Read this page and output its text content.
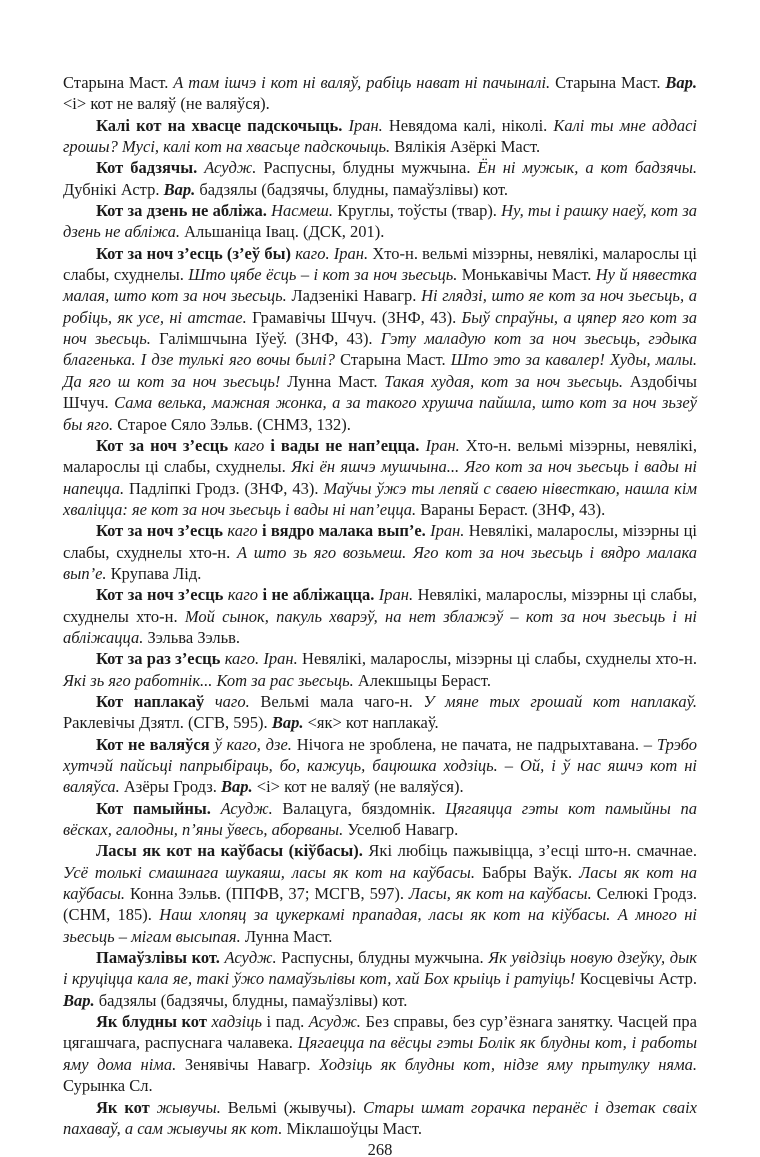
Старына Маст. А там ішчэ і кот ні валяў, рабіць нават ні пачыналі. Старына Маст. Вар. <і> кот не валяў (не валяўся).

Калі кот на хвасце падскочыць. Іран. Невядома калі, ніколі. Калі ты мне аддасі грошы? Мусі, калі кот на хвасьце падскочыць. Вялікія Азёркі Маст.

Кот бадзячы. Асудж. Распусны, блудны мужчына. Ён ні мужык, а кот бадзячы. Дубнікі Астр. Вар. бадзялы (бадзячы, блудны, памаўзлівы) кот.

Кот за дзень не абліжа. Насмеш. Круглы, тоўсты (твар). Ну, ты і рашку наеў, кот за дзень не абліжа. Альшаніца Івац. (ДСК, 201).

Кот за ноч з’есць (з’еў бы) каго. Іран. Хто-н. вельмі мізэрны, невялікі, маларослы ці слабы, схуднелы. Што цябе ёсць – і кот за ноч зьесьць. Монькавічы Маст. Ну й нявестка малая, што кот за ноч зьесьць. Ладзенікі Навагр. Ні глядзі, што яе кот за ноч зьесьць, а робіць, як усе, ні атстае. Грамавічы Шчуч. (ЗНФ, 43). Быў спраўны, а цяпер яго кот за ноч зьесьць. Галімшчына Іўеў. (ЗНФ, 43). Гэту маладую кот за ноч зьесьць, гэдыка благенька. І дзе тулькі яго вочы былі? Старына Маст. Што это за кавалер! Худы, малы. Да яго ш кот за ноч зьесьць! Лунна Маст. Такая худая, кот за ноч зьесьць. Аздобічы Шчуч. Сама велька, мажная жонка, а за такого хрушча пайшла, што кот за ноч зьзеў бы яго. Старое Сяло Зэльв. (СНМЗ, 132).

Кот за ноч з’есць каго і вады не нап’ецца. Іран. Хто-н. вельмі мізэрны, невялікі, маларослы ці слабы, схуднелы. Які ён яшчэ мушчына... Яго кот за ноч зьесьць і вады ні напецца. Падліпкі Гродз. (ЗНФ, 43). Маўчы ўжэ ты лепяй с сваею нівесткаю, нашла кім хваліцца: яе кот за ноч зьесьць і вады ні нап’ецца. Вараны Бераст. (ЗНФ, 43).

Кот за ноч з’есць каго і вядро малака вып’е. Іран. Невялікі, маларослы, мізэрны ці слабы, схуднелы хто-н. А што зь яго возьмеш. Яго кот за ноч зьесьць і вядро малака вып’е. Крупава Лід.

Кот за ноч з’есць каго і не абліжацца. Іран. Невялікі, маларослы, мізэрны ці слабы, схуднелы хто-н. Мой сынок, пакуль хварэў, на нет зблажэў – кот за ноч зьесьць і ні абліжацца. Зэльва Зэльв.

Кот за раз з’есць каго. Іран. Невялікі, маларослы, мізэрны ці слабы, схуднелы хто-н. Які зь яго работнік... Кот за рас зьесьць. Алекшыцы Бераст.

Кот наплакаў чаго. Вельмі мала чаго-н. У мяне тых грошай кот наплакаў. Раклевічы Дзятл. (СГВ, 595). Вар. <як> кот наплакаў.

Кот не валяўся ў каго, дзе. Нічога не зроблена, не пачата, не падрыхтавана. – Трэбо хутчэй пайсьці папрыбіраць, бо, кажуць, бацюшка ходзіць. – Ой, і ў нас яшчэ кот ні валяўса. Азёры Гродз. Вар. <і> кот не валяў (не валяўся).

Кот памыйны. Асудж. Валацуга, бяздомнік. Цягаяцца гэты кот памыйны па вёсках, галодны, п’яны ўвесь, аборваны. Уселюб Навагр.

Ласы як кот на каўбасы (кіўбасы). Які любіць пажывіцца, з’есці што-н. смачнае. Усё толькі смашнага шукаяш, ласы як кот на каўбасы. Бабры Ваўк. Ласы як кот на каўбасы. Конна Зэльв. (ППФВ, 37; МСГВ, 597). Ласы, як кот на каўбасы. Селюкі Гродз. (СНМ, 185). Наш хлопяц за цукеркамі прападая, ласы як кот на кіўбасы. А много ні зьесьць – мігам высыпая. Лунна Маст.

Памаўзлівы кот. Асудж. Распусны, блудны мужчына. Як увідзіць новую дзеўку, дык і круціцца кала яе, такі ўжо памаўзьлівы кот, хай Бох крыіць і ратуіць! Косцевічы Астр. Вар. бадзялы (бадзячы, блудны, памаўзлівы) кот.

Як блудны кот хадзіць і пад. Асудж. Без справы, без сур’ёзнага занятку. Часцей пра цягашчага, распуснага чалавека. Цягаецца па вёсцы гэты Болік як блудны кот, і работы яму дома німа. Зенявічы Навагр. Ходзіць як блудны кот, нідзе яму прытулку няма. Сурынка Сл.

Як кот жывучы. Вельмі (жывучы). Стары шмат горачка перанёс і дзетак сваіх пахаваў, а сам жывучы як кот. Міклашоўцы Маст.

268
